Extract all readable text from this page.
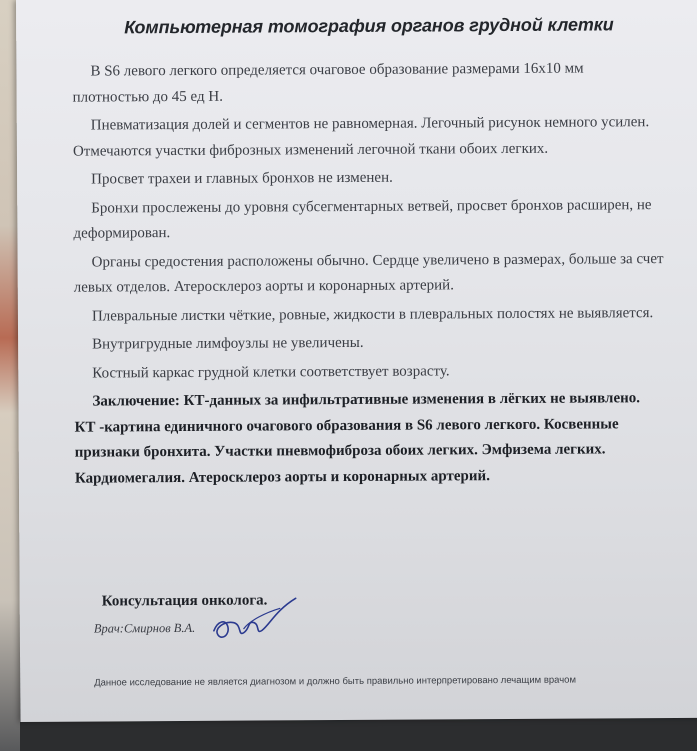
Компьютерная томография органов грудной клетки

В S6 левого легкого определяется очаговое образование размерами 16х10 мм плотностью до 45 ед Н.

Пневматизация долей и сегментов не равномерная. Легочный рисунок немного усилен. Отмечаются участки фиброзных изменений легочной ткани обоих легких.

Просвет трахеи и главных бронхов не изменен.

Бронхи прослежены до уровня субсегментарных ветвей, просвет бронхов расширен, не деформирован.

Органы средостения расположены обычно. Сердце увеличено в размерах, больше за счет левых отделов. Атеросклероз аорты и коронарных артерий.

Плевральные листки чёткие, ровные, жидкости в плевральных полостях не выявляется.

Внутригрудные лимфоузлы не увеличены.

Костный каркас грудной клетки соответствует возрасту.

Заключение: КТ-данных за инфильтративные изменения в лёгких не выявлено. КТ -картина единичного очагового образования в S6 левого легкого. Косвенные признаки бронхита. Участки пневмофиброза обоих легких. Эмфизема легких. Кардиомегалия. Атеросклероз аорты и коронарных артерий.

Консультация онколога.
Врач:Смирнов В.А.
Данное исследование не является диагнозом и должно быть правильно интерпретировано лечащим врачом
